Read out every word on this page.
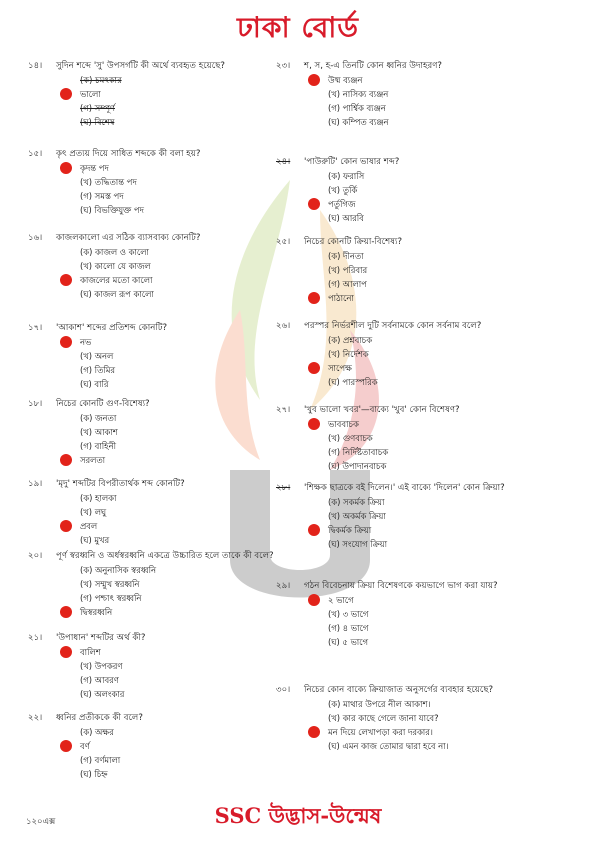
ঢাকা বোর্ড
১৪।	সুদিন শব্দে 'সু' উপসর্গটি কী অর্থে ব্যবহৃত হয়েছে?
(ক) চমৎকার
ভালো
(গ) সম্পূর্ণ
(ঘ) বিশেষ
১৫।	কৃৎ প্রত্যয় দিয়ে সাধিত শব্দকে কী বলা হয়?
কৃদন্ত পদ
(খ) তদ্ধিতান্ত পদ
(গ) সমস্ত পদ
(ঘ) বিভক্তিযুক্ত পদ
১৬।	কাজলকালো এর সঠিক ব্যাসবাক্য কোনটি?
(ক) কাজল ও কালো
(খ) কালো যে কাজল
কাজলের মতো কালো
(ঘ) কাজল রূপ কালো
১৭।	'আকাশ' শব্দের প্রতিশব্দ কোনটি?
নভ
(খ) অনল
(গ) তিমির
(ঘ) বারি
১৮।	নিচের কোনটি গুণ-বিশেষ্য?
(ক) জনতা
(খ) আকাশ
(গ) বাহিনী
সরলতা
১৯।	'মৃদু' শব্দটির বিপরীতার্থক শব্দ কোনটি?
(ক) হালকা
(খ) লঘু
প্রবল
(ঘ) মুখর
২০।	পূর্ণ স্বরধ্বনি ও অর্ধস্বরধ্বনি একত্রে উচ্চারিত হলে তাকে কী বলে?
(ক) অনুনাসিক স্বরধ্বনি
(খ) সম্মুখ স্বরধ্বনি
(গ) পশ্চাৎ স্বরধ্বনি
দ্বিস্বরধ্বনি
২১।	'উপাধান' শব্দটির অর্থ কী?
বালিশ
(খ) উপকরণ
(গ) আবরণ
(ঘ) অলংকার
২২।	ধ্বনির প্রতীককে কী বলে?
(ক) অক্ষর
বর্ণ
(গ) বর্ণমালা
(ঘ) চিহ্ন
২৩।	শ, স, হ-এ তিনটি কোন ধ্বনির উদাহরণ?
উষ্ম ব্যঞ্জন
(খ) নাসিক্য ব্যঞ্জন
(গ) পার্শ্বিক ব্যঞ্জন
(ঘ) কম্পিত ব্যঞ্জন
২৪।	'পাউরুটি' কোন ভাষার শব্দ?
(ক) ফরাসি
(খ) তুর্কি
পর্তুগিজ
(ঘ) আরবি
২৫।	নিচের কোনটি ক্রিয়া-বিশেষ্য?
(ক) দীনতা
(খ) পরিবার
(গ) আলাপ
পাঠানো
২৬।	পরস্পর নির্ভরশীল দুটি সর্বনামকে কোন সর্বনাম বলে?
(ক) প্রশ্নবাচক
(খ) নির্দেশক
সাপেক্ষ
(ঘ) পারস্পরিক
২৭।	'খুব ভালো খবর'—বাক্যে 'খুব' কোন বিশেষণ?
ভাববাচক
(খ) গুণবাচক
(গ) নির্দিষ্টতাবাচক
(ঘ) উপাদানবাচক
২৮।	'শিক্ষক ছাত্রকে বই দিলেন।' এই বাক্যে 'দিলেন' কোন ক্রিয়া?
(ক) সকর্মক ক্রিয়া
(খ) অকর্মক ক্রিয়া
দ্বিকর্মক ক্রিয়া
(ঘ) সংযোগ ক্রিয়া
২৯।	গঠন বিবেচনায় ক্রিয়া বিশেষণকে কয়ভাগে ভাগ করা যায়?
২ ভাগে
(খ) ৩ ভাগে
(গ) ৪ ভাগে
(ঘ) ৫ ভাগে
৩০।	নিচের কোন বাক্যে ক্রিয়াজাত অনুসর্গের ব্যবহার হয়েছে?
(ক) মাথার উপরে নীল আকাশ।
(খ) কার কাছে গেলে জানা যাবে?
মন দিয়ে লেখাপড়া করা দরকার।
(ঘ) এমন কাজ তোমার দ্বারা হবে না।
SSC উদ্ভাস-উন্মেষ
১২০এক্স
